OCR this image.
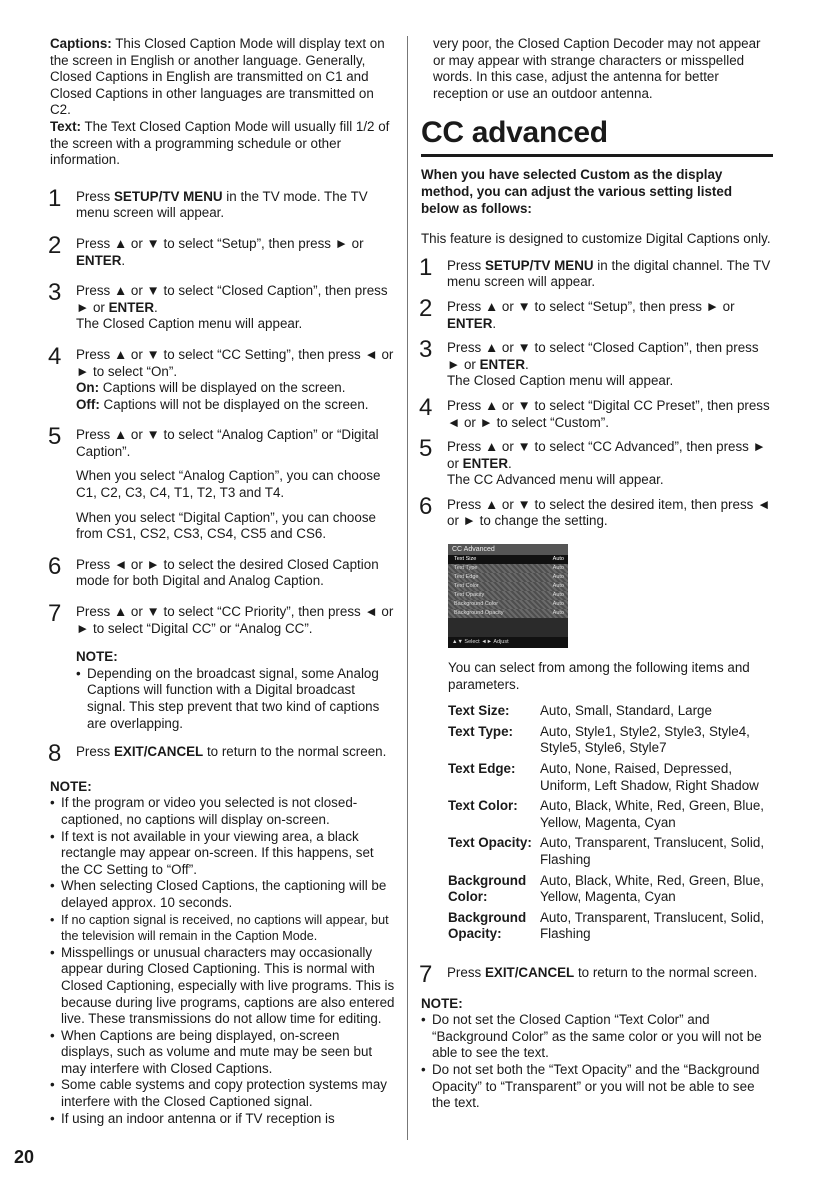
Captions: This Closed Caption Mode will display text on the screen in English or another language. Generally, Closed Captions in English are transmitted on C1 and Closed Captions in other languages are transmitted on C2.

Text: The Text Closed Caption Mode will usually fill 1/2 of the screen with a programming schedule or other information.

1 Press SETUP/TV MENU in the TV mode. The TV menu screen will appear.

2 Press ▲ or ▼ to select “Setup”, then press ► or ENTER.

3 Press ▲ or ▼ to select “Closed Caption”, then press ► or ENTER.

The Closed Caption menu will appear.

4 Press ▲ or ▼ to select “CC Setting”, then press ◄ or ► to select “On”.

On: Captions will be displayed on the screen.

Off: Captions will not be displayed on the screen.

5 Press ▲ or ▼ to select “Analog Caption” or “Digital Caption”.

When you select “Analog Caption”, you can choose C1, C2, C3, C4, T1, T2, T3 and T4.

When you select “Digital Caption”, you can choose from CS1, CS2, CS3, CS4, CS5 and CS6.

6 Press ◄ or ► to select the desired Closed Caption mode for both Digital and Analog Caption.

7 Press ▲ or ▼ to select “CC Priority”, then press ◄ or ► to select “Digital CC” or “Analog CC”.

NOTE:

• Depending on the broadcast signal, some Analog Captions will function with a Digital broadcast signal. This step prevent that two kind of captions are overlapping.
8 Press EXIT/CANCEL to return to the normal screen.

NOTE:

• If the program or video you selected is not closed-captioned, no captions will display on-screen.
• If text is not available in your viewing area, a black rectangle may appear on-screen. If this happens, set the CC Setting to “Off”.
• When selecting Closed Captions, the captioning will be delayed approx. 10 seconds.
• If no caption signal is received, no captions will appear, but the television will remain in the Caption Mode.
• Misspellings or unusual characters may occasionally appear during Closed Captioning. This is normal with Closed Captioning, especially with live programs. This is because during live programs, captions are also entered live. These transmissions do not allow time for editing.
• When Captions are being displayed, on-screen displays, such as volume and mute may be seen but may interfere with Closed Captions.
• Some cable systems and copy protection systems may interfere with the Closed Captioned signal.
• If using an indoor antenna or if TV reception is

very poor, the Closed Caption Decoder may not appear or may appear with strange characters or misspelled words. In this case, adjust the antenna for better reception or use an outdoor antenna.

CC advanced

When you have selected Custom as the display method, you can adjust the various setting listed below as follows:

This feature is designed to customize Digital Captions only.

1 Press SETUP/TV MENU in the digital channel. The TV menu screen will appear.

2 Press ▲ or ▼ to select “Setup”, then press ► or ENTER.

3 Press ▲ or ▼ to select “Closed Caption”, then press ► or ENTER.

The Closed Caption menu will appear.

4 Press ▲ or ▼ to select “Digital CC Preset”, then press ◄ or ► to select “Custom”.

5 Press ▲ or ▼ to select “CC Advanced”, then press ► or ENTER.

The CC Advanced menu will appear.

6 Press ▲ or ▼ to select the desired item, then press ◄ or ► to change the setting.

CC Advanced
Text Size	Auto
Text Type	Auto
Text Edge	Auto
Text Color	Auto
Text Opacity	Auto
Background Color	Auto
Background Opacity	Auto
▲▼ Select ◄► Adjust

You can select from among the following items and parameters.

Text Size:	Auto, Small, Standard, Large
Text Type:	Auto, Style1, Style2, Style3, Style4, Style5, Style6, Style7
Text Edge:	Auto, None, Raised, Depressed, Uniform, Left Shadow, Right Shadow
Text Color:	Auto, Black, White, Red, Green, Blue, Yellow, Magenta, Cyan
Text Opacity:	Auto, Transparent, Translucent, Solid, Flashing
Background Color:	Auto, Black, White, Red, Green, Blue, Yellow, Magenta, Cyan
Background Opacity:	Auto, Transparent, Translucent, Solid, Flashing
7 Press EXIT/CANCEL to return to the normal screen.

NOTE:

• Do not set the Closed Caption “Text Color” and “Background Color” as the same color or you will not be able to see the text.
• Do not set both the “Text Opacity” and the “Background Opacity” to “Transparent” or you will not be able to see the text.
20
